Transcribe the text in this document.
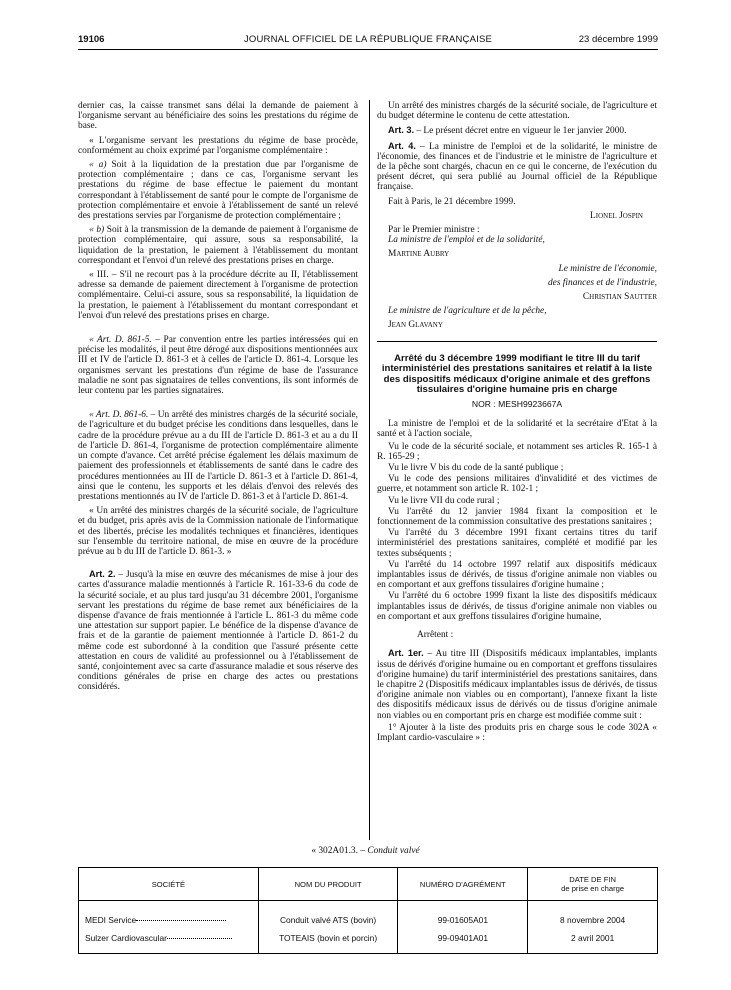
19106	JOURNAL OFFICIEL DE LA RÉPUBLIQUE FRANÇAISE	23 décembre 1999

dernier cas, la caisse transmet sans délai la demande de paiement à l'organisme servant au bénéficiaire des soins les prestations du régime de base.

« L'organisme servant les prestations du régime de base procède, conformément au choix exprimé par l'organisme complémentaire :

« a) Soit à la liquidation de la prestation due par l'organisme de protection complémentaire ; dans ce cas, l'organisme servant les prestations du régime de base effectue le paiement du montant correspondant à l'établissement de santé pour le compte de l'organisme de protection complémentaire et envoie à l'établissement de santé un relevé des prestations servies par l'organisme de protection complémentaire ;

« b) Soit à la transmission de la demande de paiement à l'organisme de protection complémentaire, qui assure, sous sa responsabilité, la liquidation de la prestation, le paiement à l'établissement du montant correspondant et l'envoi d'un relevé des prestations prises en charge.

« III. – S'il ne recourt pas à la procédure décrite au II, l'établissement adresse sa demande de paiement directement à l'organisme de protection complémentaire. Celui-ci assure, sous sa responsabilité, la liquidation de la prestation, le paiement à l'établissement du montant correspondant et l'envoi d'un relevé des prestations prises en charge.

« Art. D. 861-5. – Par convention entre les parties intéressées qui en précise les modalités, il peut être dérogé aux dispositions mentionnées aux III et IV de l'article D. 861-3 et à celles de l'article D. 861-4. Lorsque les organismes servant les prestations d'un régime de base de l'assurance maladie ne sont pas signataires de telles conventions, ils sont informés de leur contenu par les parties signataires.

« Art. D. 861-6. – Un arrêté des ministres chargés de la sécurité sociale, de l'agriculture et du budget précise les conditions dans lesquelles, dans le cadre de la procédure prévue au a du III de l'article D. 861-3 et au a du II de l'article D. 861-4, l'organisme de protection complémentaire alimente un compte d'avance. Cet arrêté précise également les délais maximum de paiement des professionnels et établissements de santé dans le cadre des procédures mentionnées au III de l'article D. 861-3 et à l'article D. 861-4, ainsi que le contenu, les supports et les délais d'envoi des relevés des prestations mentionnés au IV de l'article D. 861-3 et à l'article D. 861-4.

« Un arrêté des ministres chargés de la sécurité sociale, de l'agriculture et du budget, pris après avis de la Commission nationale de l'informatique et des libertés, précise les modalités techniques et financières, identiques sur l'ensemble du territoire national, de mise en œuvre de la procédure prévue au b du III de l'article D. 861-3. »

Art. 2. – Jusqu'à la mise en œuvre des mécanismes de mise à jour des cartes d'assurance maladie mentionnés à l'article R. 161-33-6 du code de la sécurité sociale, et au plus tard jusqu'au 31 décembre 2001, l'organisme servant les prestations du régime de base remet aux bénéficiaires de la dispense d'avance de frais mentionnée à l'article L. 861-3 du même code une attestation sur support papier. Le bénéfice de la dispense d'avance de frais et de la garantie de paiement mentionnée à l'article D. 861-2 du même code est subordonné à la condition que l'assuré présente cette attestation en cours de validité au professionnel ou à l'établissement de santé, conjointement avec sa carte d'assurance maladie et sous réserve des conditions générales de prise en charge des actes ou prestations considérés.

Un arrêté des ministres chargés de la sécurité sociale, de l'agriculture et du budget détermine le contenu de cette attestation.

Art. 3. – Le présent décret entre en vigueur le 1er janvier 2000.

Art. 4. – La ministre de l'emploi et de la solidarité, le ministre de l'économie, des finances et de l'industrie et le ministre de l'agriculture et de la pêche sont chargés, chacun en ce qui le concerne, de l'exécution du présent décret, qui sera publié au Journal officiel de la République française.

Fait à Paris, le 21 décembre 1999.

Lionel Jospin

Par le Premier ministre :

La ministre de l'emploi et de la solidarité,

Martine Aubry

Le ministre de l'économie,

des finances et de l'industrie,

Christian Sautter

Le ministre de l'agriculture et de la pêche,

Jean Glavany

Arrêté du 3 décembre 1999 modifiant le titre III du tarif interministériel des prestations sanitaires et relatif à la liste des dispositifs médicaux d'origine animale et des greffons tissulaires d'origine humaine pris en charge
NOR : MESH9923667A

La ministre de l'emploi et de la solidarité et la secrétaire d'Etat à la santé et à l'action sociale,

Vu le code de la sécurité sociale, et notamment ses articles R. 165-1 à R. 165-29 ;

Vu le livre V bis du code de la santé publique ;

Vu le code des pensions militaires d'invalidité et des victimes de guerre, et notamment son article R. 102-1 ;

Vu le livre VII du code rural ;

Vu l'arrêté du 12 janvier 1984 fixant la composition et le fonctionnement de la commission consultative des prestations sanitaires ;

Vu l'arrêté du 3 décembre 1991 fixant certains titres du tarif interministériel des prestations sanitaires, complété et modifié par les textes subséquents ;

Vu l'arrêté du 14 octobre 1997 relatif aux dispositifs médicaux implantables issus de dérivés, de tissus d'origine animale non viables ou en comportant et aux greffons tissulaires d'origine humaine ;

Vu l'arrêté du 6 octobre 1999 fixant la liste des dispositifs médicaux implantables issus de dérivés, de tissus d'origine animale non viables ou en comportant et aux greffons tissulaires d'origine humaine,

Arrêtent :

Art. 1er. – Au titre III (Dispositifs médicaux implantables, implants issus de dérivés d'origine humaine ou en comportant et greffons tissulaires d'origine humaine) du tarif interministériel des prestations sanitaires, dans le chapitre 2 (Dispositifs médicaux implantables issus de dérivés, de tissus d'origine animale non viables ou en comportant), l'annexe fixant la liste des dispositifs médicaux issus de dérivés ou de tissus d'origine animale non viables ou en comportant pris en charge est modifiée comme suit :

1° Ajouter à la liste des produits pris en charge sous le code 302A « Implant cardio-vasculaire » :

« 302A01.3. – Conduit valvé
SOCIÉTÉ	NOM DU PRODUIT	NUMÉRO D'AGRÉMENT	DATE DE FIN
de prise en charge
MEDI Service	Conduit valvé ATS (bovin)	99-01605A01	8 novembre 2004
Sulzer Cardiovascular	TOTEAIS (bovin et porcin)	99-09401A01	2 avril 2001
